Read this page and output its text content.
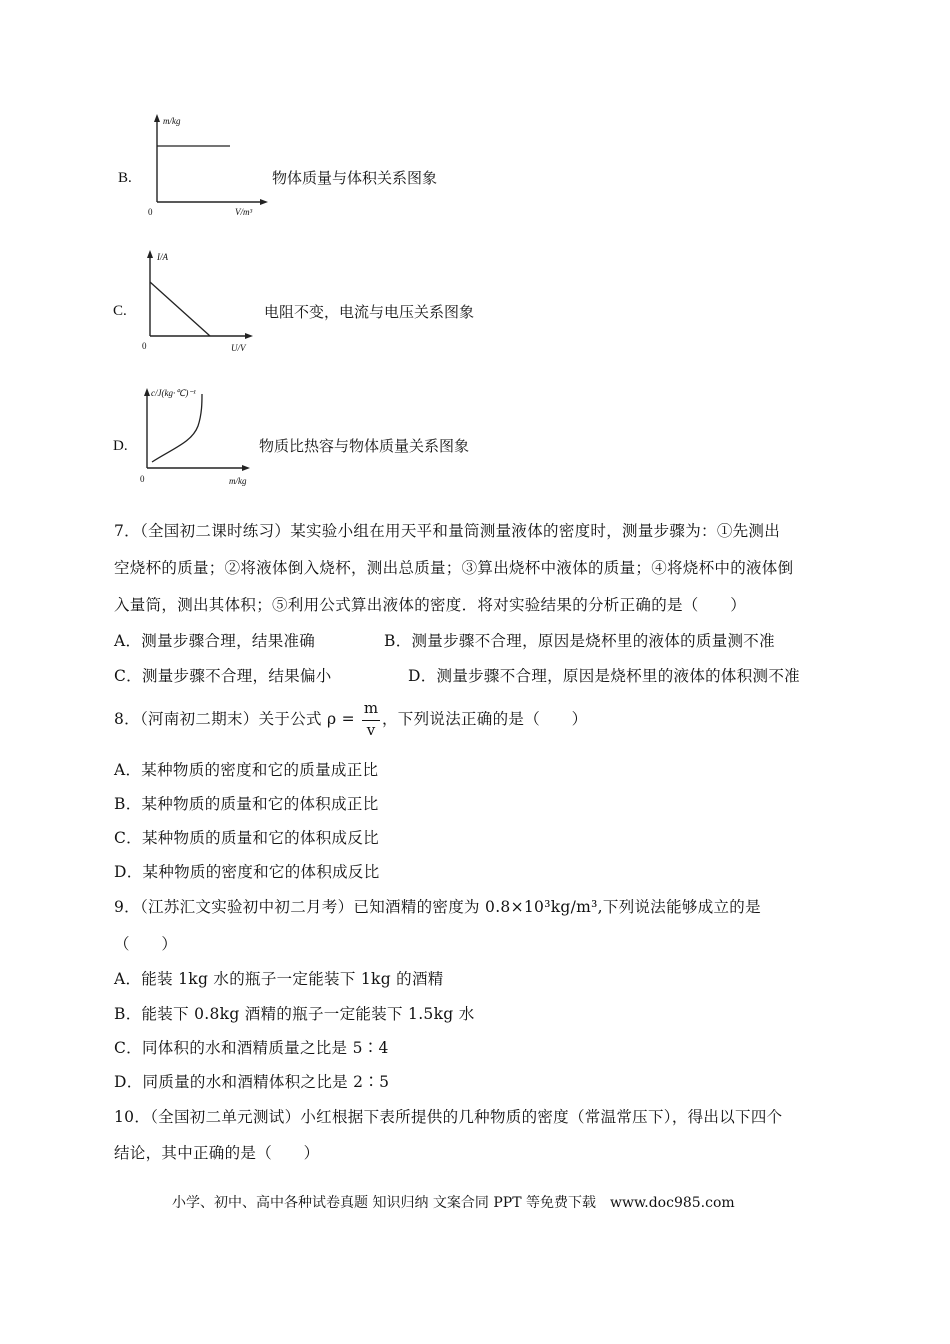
m/kg
V/m³
0
B.	物体质量与体积关系图象
I/A
U/V
0
C.	电阻不变，电流与电压关系图象
c/J(kg·℃)⁻¹
m/kg
0
D.	物质比热容与物体质量关系图象
7．（全国初二课时练习）某实验小组在用天平和量筒测量液体的密度时，测量步骤为：①先测出
空烧杯的质量；②将液体倒入烧杯，测出总质量；③算出烧杯中液体的质量；④将烧杯中的液体倒
入量筒，测出其体积；⑤利用公式算出液体的密度．将对实验结果的分析正确的是（　　）
A．测量步骤合理，结果准确	B．测量步骤不合理，原因是烧杯里的液体的质量测不准
C．测量步骤不合理，结果偏小	D．测量步骤不合理，原因是烧杯里的液体的体积测不准
8．（河南初二期末）关于公式 ρ =
m
v
，下列说法正确的是（　　）
A．某种物质的密度和它的质量成正比
B．某种物质的质量和它的体积成正比
C．某种物质的质量和它的体积成反比
D．某种物质的密度和它的体积成反比
9．（江苏汇文实验初中初二月考）已知酒精的密度为 0.8×10³kg/m³,下列说法能够成立的是
（　　）
A．能装 1kg 水的瓶子一定能装下 1kg 的酒精
B．能装下 0.8kg 酒精的瓶子一定能装下 1.5kg 水
C．同体积的水和酒精质量之比是 5∶4
D．同质量的水和酒精体积之比是 2∶5
10．（全国初二单元测试）小红根据下表所提供的几种物质的密度（常温常压下），得出以下四个
结论，其中正确的是（　　）
小学、初中、高中各种试卷真题 知识归纳 文案合同 PPT 等免费下载　www.doc985.com
